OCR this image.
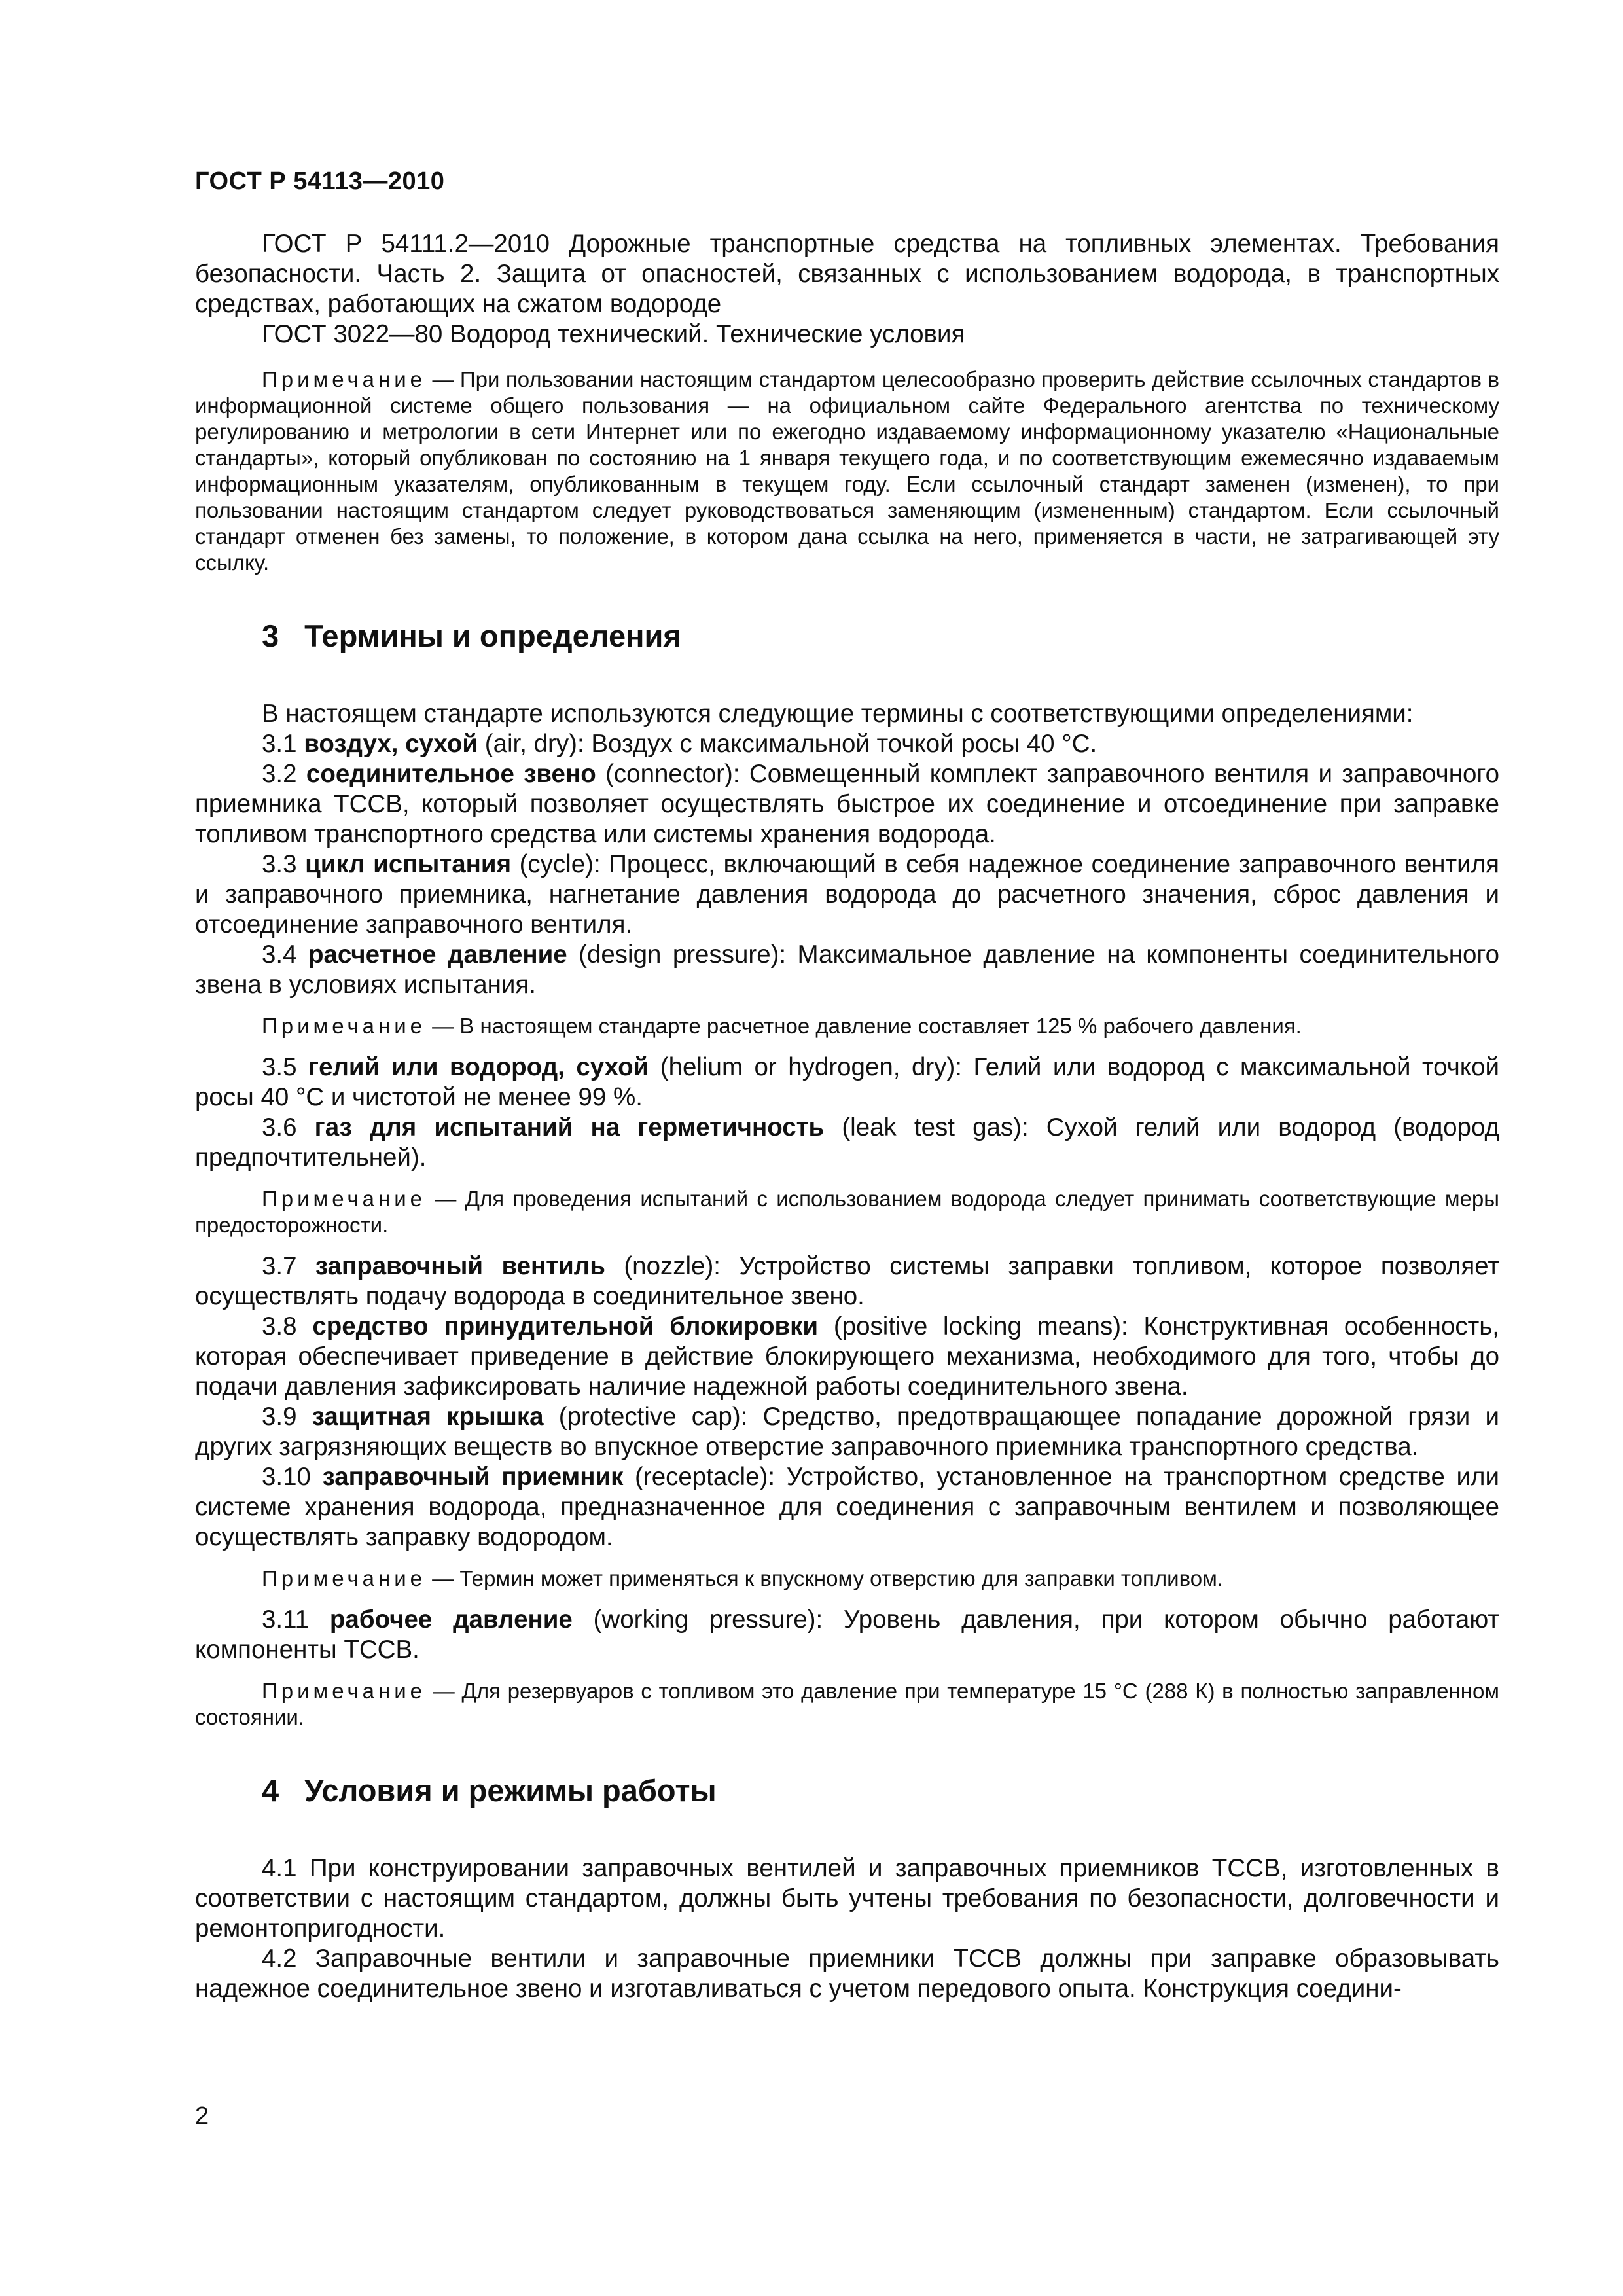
ГОСТ Р 54113—2010

ГОСТ Р 54111.2—2010 Дорожные транспортные средства на топливных элементах. Требования безопасности. Часть 2. Защита от опасностей, связанных с использованием водорода, в транспортных средствах, работающих на сжатом водороде

ГОСТ 3022—80 Водород технический. Технические условия

Примечание — При пользовании настоящим стандартом целесообразно проверить действие ссылочных стандартов в информационной системе общего пользования — на официальном сайте Федерального агентства по техническому регулированию и метрологии в сети Интернет или по ежегодно издаваемому информационному указателю «Национальные стандарты», который опубликован по состоянию на 1 января текущего года, и по соответствующим ежемесячно издаваемым информационным указателям, опубликованным в текущем году. Если ссылочный стандарт заменен (изменен), то при пользовании настоящим стандартом следует руководствоваться заменяющим (измененным) стандартом. Если ссылочный стандарт отменен без замены, то положение, в котором дана ссылка на него, применяется в части, не затрагивающей эту ссылку.

3 Термины и определения

В настоящем стандарте используются следующие термины с соответствующими определениями:

3.1 воздух, сухой (air, dry): Воздух с максимальной точкой росы 40 °С.

3.2 соединительное звено (connector): Совмещенный комплект заправочного вентиля и заправочного приемника ТССВ, который позволяет осуществлять быстрое их соединение и отсоединение при заправке топливом транспортного средства или системы хранения водорода.

3.3 цикл испытания (cycle): Процесс, включающий в себя надежное соединение заправочного вентиля и заправочного приемника, нагнетание давления водорода до расчетного значения, сброс давления и отсоединение заправочного вентиля.

3.4 расчетное давление (design pressure): Максимальное давление на компоненты соединительного звена в условиях испытания.

Примечание — В настоящем стандарте расчетное давление составляет 125 % рабочего давления.

3.5 гелий или водород, сухой (helium or hydrogen, dry): Гелий или водород с максимальной точкой росы 40 °С и чистотой не менее 99 %.

3.6 газ для испытаний на герметичность (leak test gas): Сухой гелий или водород (водород предпочтительней).

Примечание — Для проведения испытаний с использованием водорода следует принимать соответствующие меры предосторожности.

3.7 заправочный вентиль (nozzle): Устройство системы заправки топливом, которое позволяет осуществлять подачу водорода в соединительное звено.

3.8 средство принудительной блокировки (positive locking means): Конструктивная особенность, которая обеспечивает приведение в действие блокирующего механизма, необходимого для того, чтобы до подачи давления зафиксировать наличие надежной работы соединительного звена.

3.9 защитная крышка (protective cap): Средство, предотвращающее попадание дорожной грязи и других загрязняющих веществ во впускное отверстие заправочного приемника транспортного средства.

3.10 заправочный приемник (receptacle): Устройство, установленное на транспортном средстве или системе хранения водорода, предназначенное для соединения с заправочным вентилем и позволяющее осуществлять заправку водородом.

Примечание — Термин может применяться к впускному отверстию для заправки топливом.

3.11 рабочее давление (working pressure): Уровень давления, при котором обычно работают компоненты ТССВ.

Примечание — Для резервуаров с топливом это давление при температуре 15 °С (288 К) в полностью заправленном состоянии.

4 Условия и режимы работы

4.1 При конструировании заправочных вентилей и заправочных приемников ТССВ, изготовленных в соответствии с настоящим стандартом, должны быть учтены требования по безопасности, долговечности и ремонтопригодности.

4.2 Заправочные вентили и заправочные приемники ТССВ должны при заправке образовывать надежное соединительное звено и изготавливаться с учетом передового опыта. Конструкция соедини-

2
